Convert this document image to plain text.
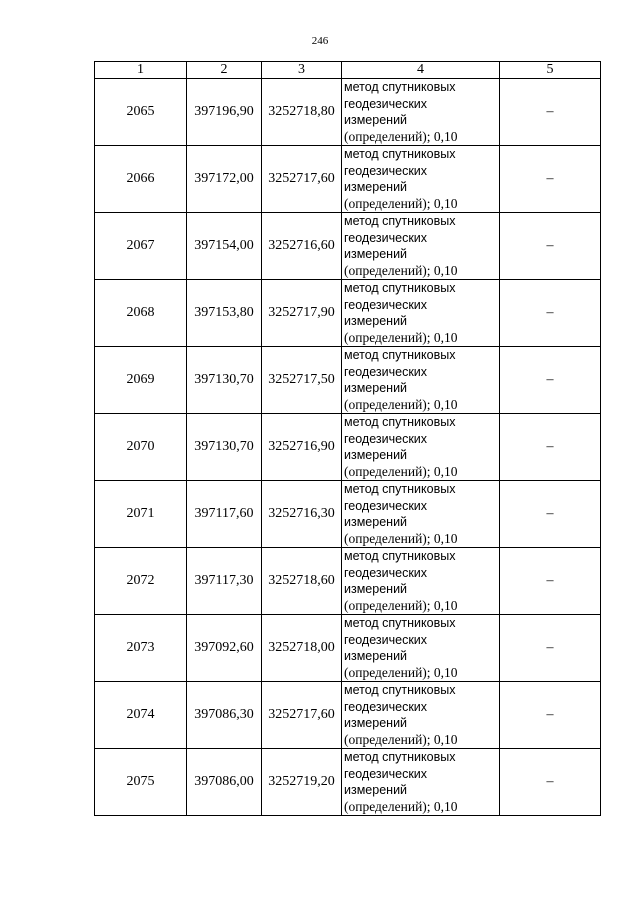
246
1	2	3	4	5
2065	397196,90	3252718,80	метод спутниковых
геодезических
измерений
(определений); 0,10	–
2066	397172,00	3252717,60	метод спутниковых
геодезических
измерений
(определений); 0,10	–
2067	397154,00	3252716,60	метод спутниковых
геодезических
измерений
(определений); 0,10	–
2068	397153,80	3252717,90	метод спутниковых
геодезических
измерений
(определений); 0,10	–
2069	397130,70	3252717,50	метод спутниковых
геодезических
измерений
(определений); 0,10	–
2070	397130,70	3252716,90	метод спутниковых
геодезических
измерений
(определений); 0,10	–
2071	397117,60	3252716,30	метод спутниковых
геодезических
измерений
(определений); 0,10	–
2072	397117,30	3252718,60	метод спутниковых
геодезических
измерений
(определений); 0,10	–
2073	397092,60	3252718,00	метод спутниковых
геодезических
измерений
(определений); 0,10	–
2074	397086,30	3252717,60	метод спутниковых
геодезических
измерений
(определений); 0,10	–
2075	397086,00	3252719,20	метод спутниковых
геодезических
измерений
(определений); 0,10	–
